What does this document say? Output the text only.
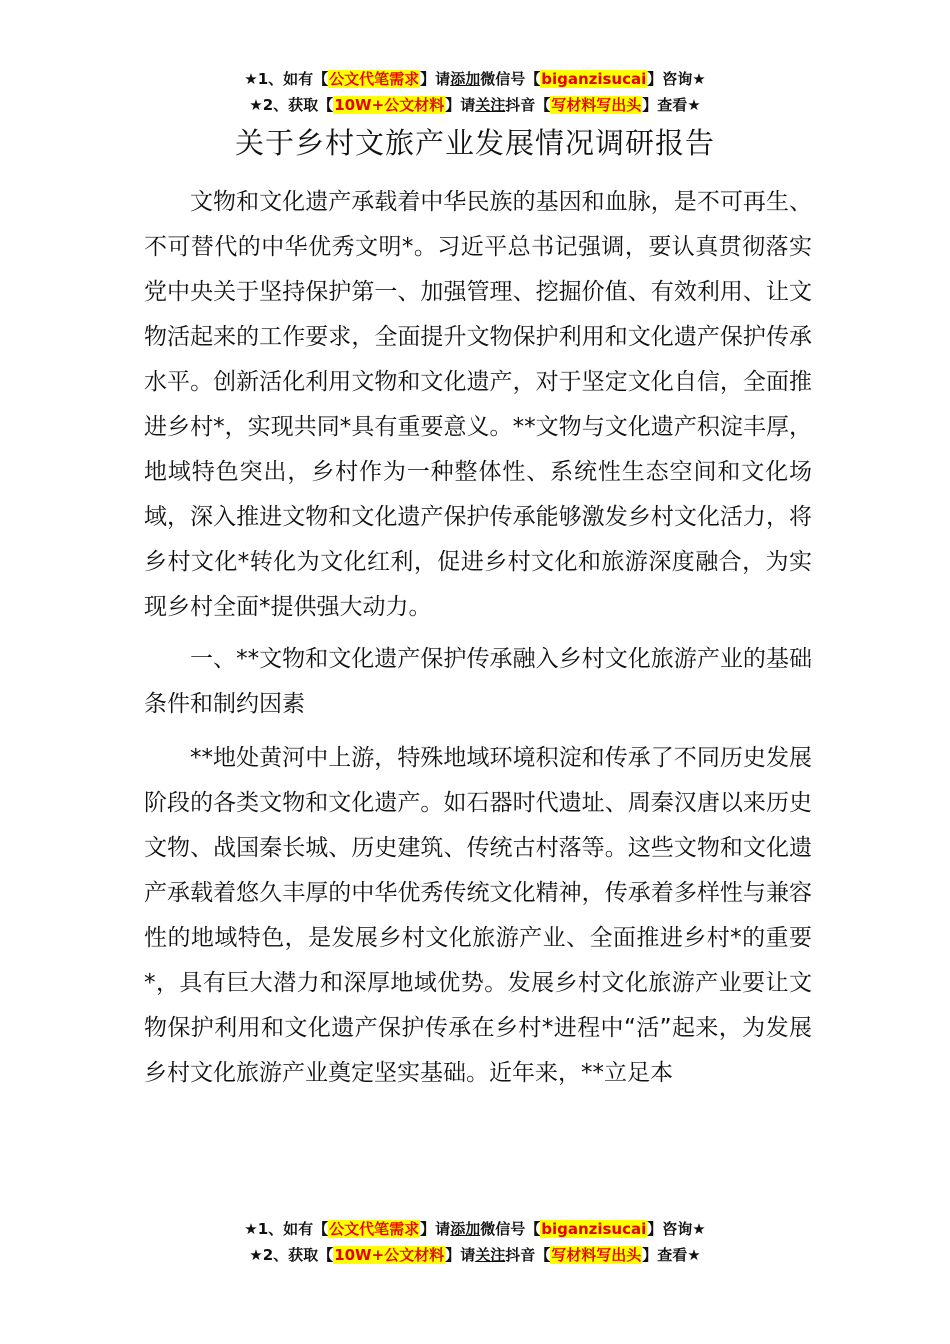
★1、如有【公文代笔需求】请添加微信号【biganzisucai】咨询★
★2、获取【10W+公文材料】请关注抖音【写材料写出头】查看★
关于乡村文旅产业发展情况调研报告

文物和文化遗产承载着中华民族的基因和血脉，是不可再生、不可替代的中华优秀文明*。习近平总书记强调，要认真贯彻落实党中央关于坚持保护第一、加强管理、挖掘价值、有效利用、让文物活起来的工作要求，全面提升文物保护利用和文化遗产保护传承水平。创新活化利用文物和文化遗产，对于坚定文化自信，全面推进乡村*，实现共同*具有重要意义。**文物与文化遗产积淀丰厚，地域特色突出，乡村作为一种整体性、系统性生态空间和文化场域，深入推进文物和文化遗产保护传承能够激发乡村文化活力，将乡村文化*转化为文化红利，促进乡村文化和旅游深度融合，为实现乡村全面*提供强大动力。

一、**文物和文化遗产保护传承融入乡村文化旅游产业的基础条件和制约因素

**地处黄河中上游，特殊地域环境积淀和传承了不同历史发展阶段的各类文物和文化遗产。如石器时代遗址、周秦汉唐以来历史文物、战国秦长城、历史建筑、传统古村落等。这些文物和文化遗产承载着悠久丰厚的中华优秀传统文化精神，传承着多样性与兼容性的地域特色，是发展乡村文化旅游产业、全面推进乡村*的重要*，具有巨大潜力和深厚地域优势。发展乡村文化旅游产业要让文物保护利用和文化遗产保护传承在乡村*进程中“活”起来，为发展乡村文化旅游产业奠定坚实基础。近年来，**立足本

★1、如有【公文代笔需求】请添加微信号【biganzisucai】咨询★
★2、获取【10W+公文材料】请关注抖音【写材料写出头】查看★
